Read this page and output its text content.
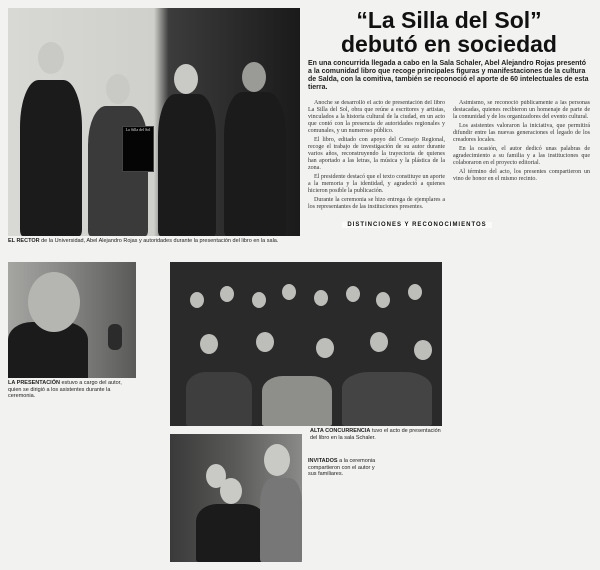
“La Silla del Sol”
debutó en sociedad
En una concurrida llegada a cabo en la Sala Schaler, Abel Alejandro Rojas presentó a la comunidad libro que recoge principales figuras y manifestaciones de la cultura de Salda, con la comitiva, también se reconoció el aporte de 60 intelectuales de esta tierra.

Anoche se desarrolló el acto de presentación del libro La Silla del Sol, obra que reúne a escritores y artistas, vinculados a la historia cultural de la ciudad, en un acto que contó con la presencia de autoridades regionales y comunales, y un numeroso público.

El libro, editado con apoyo del Consejo Regional, recoge el trabajo de investigación de su autor durante varios años, reconstruyendo la trayectoria de quienes han aportado a las letras, la música y la plástica de la zona.

El presidente destacó que el texto constituye un aporte a la memoria y la identidad, y agradeció a quienes hicieron posible la publicación.

Durante la ceremonia se hizo entrega de ejemplares a los representantes de las instituciones presentes.

Asimismo, se reconoció públicamente a las personas destacadas, quienes recibieron un homenaje de parte de la comunidad y de los organizadores del evento cultural.

Los asistentes valoraron la iniciativa, que permitirá difundir entre las nuevas generaciones el legado de los creadores locales.

En la ocasión, el autor dedicó unas palabras de agradecimiento a su familia y a las instituciones que colaboraron en el proyecto editorial.

Al término del acto, los presentes compartieron un vino de honor en el mismo recinto.

DISTINCIONES Y RECONOCIMIENTOS
La Silla del Sol
EL RECTOR de la Universidad, Abel Alejandro Rojas y autoridades durante la presentación del libro en la sala.
LA PRESENTACIÓN estuvo a cargo del autor, quien se dirigió a los asistentes durante la ceremonia.
ALTA CONCURRENCIA tuvo el acto de presentación del libro en la sala Schaler.
INVITADOS a la ceremonia compartieron con el autor y sus familiares.
